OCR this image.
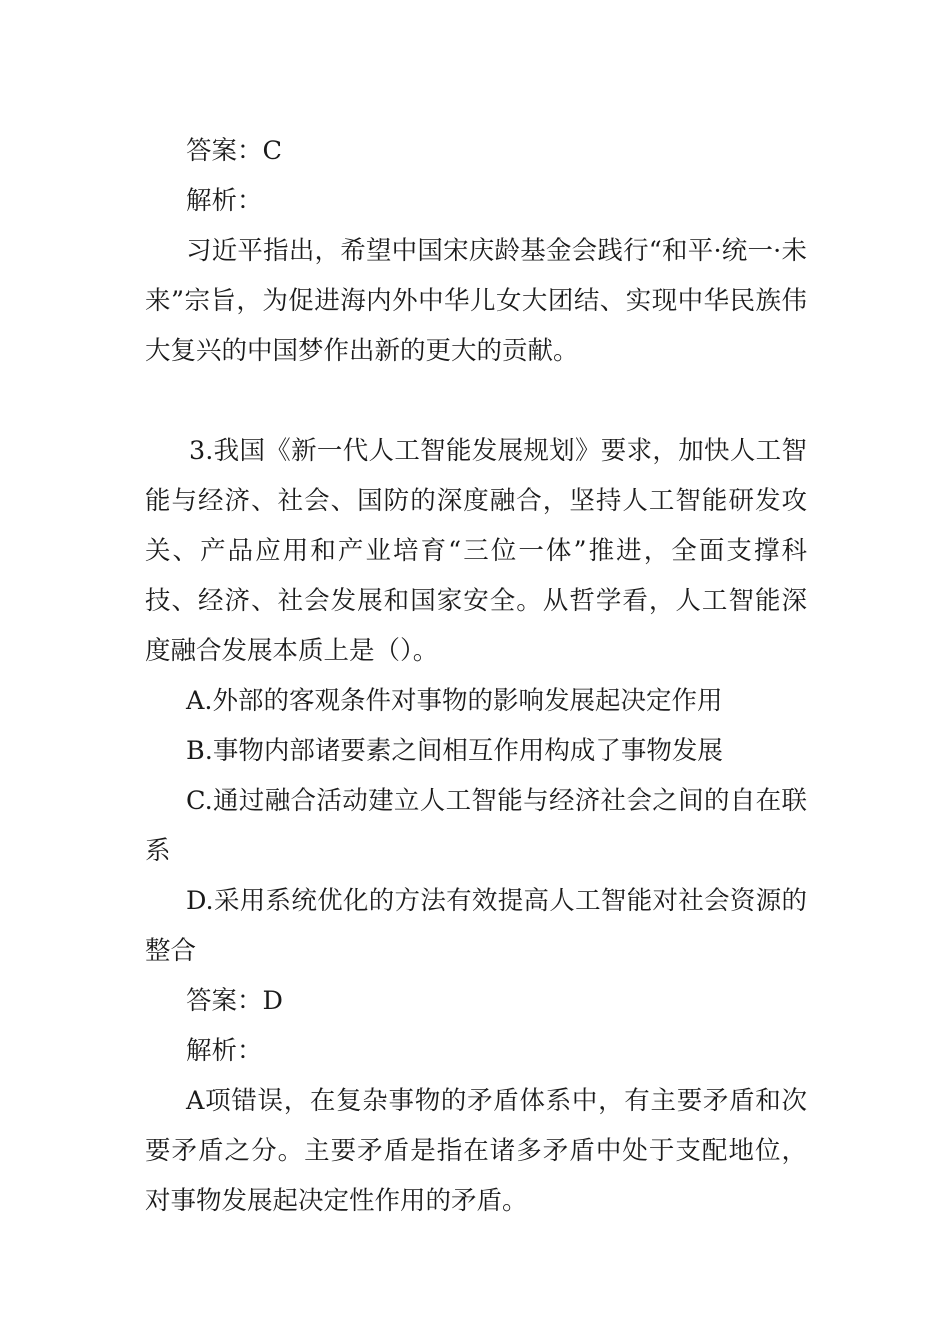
答案：C

解析：

习近平指出，希望中国宋庆龄基金会践行“和平·统一·未来”宗旨，为促进海内外中华儿女大团结、实现中华民族伟大复兴的中国梦作出新的更大的贡献。

3.我国《新一代人工智能发展规划》要求，加快人工智能与经济、社会、国防的深度融合，坚持人工智能研发攻关、产品应用和产业培育“三位一体”推进，全面支撑科技、经济、社会发展和国家安全。从哲学看，人工智能深度融合发展本质上是（）。

A.外部的客观条件对事物的影响发展起决定作用

B.事物内部诸要素之间相互作用构成了事物发展

C.通过融合活动建立人工智能与经济社会之间的自在联系

D.采用系统优化的方法有效提高人工智能对社会资源的整合

答案：D

解析：

A项错误，在复杂事物的矛盾体系中，有主要矛盾和次要矛盾之分。主要矛盾是指在诸多矛盾中处于支配地位，对事物发展起决定性作用的矛盾。
